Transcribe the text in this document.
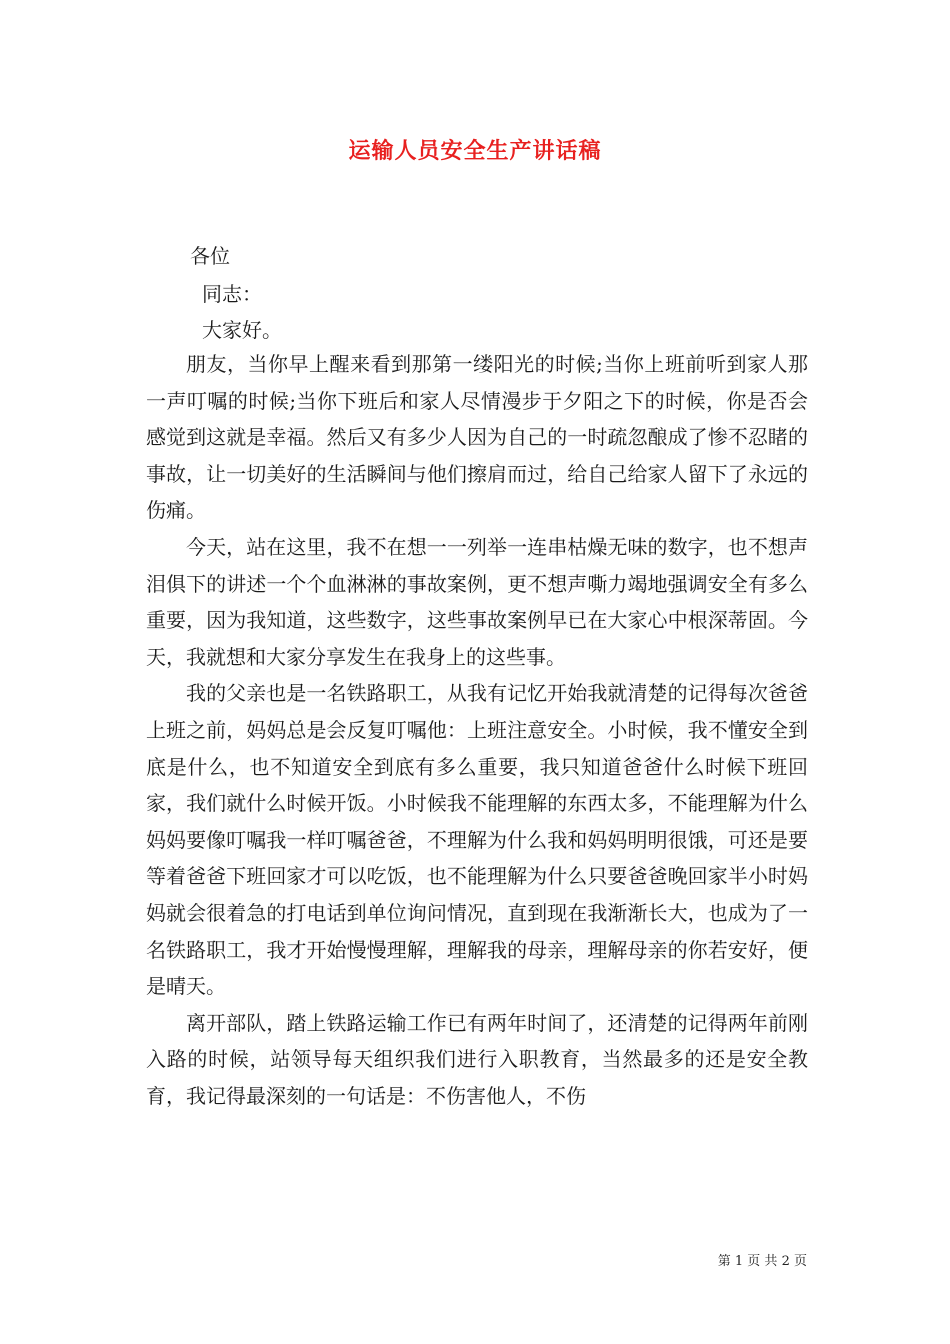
运输人员安全生产讲话稿
各位
同志：
大家好。

朋友，当你早上醒来看到那第一缕阳光的时候;当你上班前听到家人那一声叮嘱的时候;当你下班后和家人尽情漫步于夕阳之下的时候，你是否会感觉到这就是幸福。然后又有多少人因为自己的一时疏忽酿成了惨不忍睹的事故，让一切美好的生活瞬间与他们擦肩而过，给自己给家人留下了永远的伤痛。

今天，站在这里，我不在想一一列举一连串枯燥无味的数字，也不想声泪俱下的讲述一个个血淋淋的事故案例，更不想声嘶力竭地强调安全有多么重要，因为我知道，这些数字，这些事故案例早已在大家心中根深蒂固。今天，我就想和大家分享发生在我身上的这些事。

我的父亲也是一名铁路职工，从我有记忆开始我就清楚的记得每次爸爸上班之前，妈妈总是会反复叮嘱他：上班注意安全。小时候，我不懂安全到底是什么，也不知道安全到底有多么重要，我只知道爸爸什么时候下班回家，我们就什么时候开饭。小时候我不能理解的东西太多，不能理解为什么妈妈要像叮嘱我一样叮嘱爸爸，不理解为什么我和妈妈明明很饿，可还是要等着爸爸下班回家才可以吃饭，也不能理解为什么只要爸爸晚回家半小时妈妈就会很着急的打电话到单位询问情况，直到现在我渐渐长大，也成为了一名铁路职工，我才开始慢慢理解，理解我的母亲，理解母亲的你若安好，便是晴天。

离开部队，踏上铁路运输工作已有两年时间了，还清楚的记得两年前刚入路的时候，站领导每天组织我们进行入职教育，当然最多的还是安全教育，我记得最深刻的一句话是：不伤害他人，不伤

第 1 页 共 2 页
